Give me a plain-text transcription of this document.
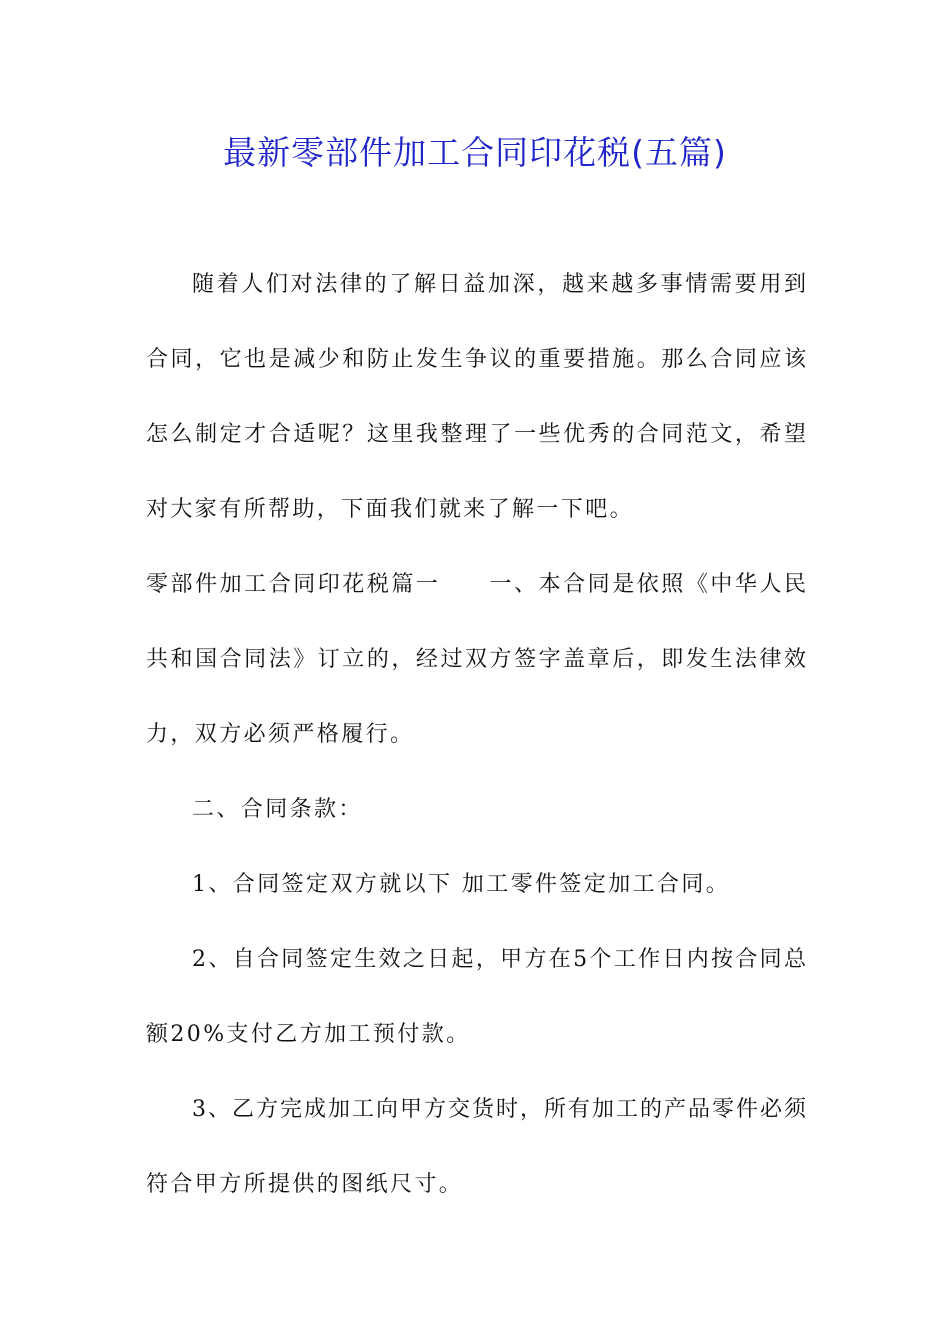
最新零部件加工合同印花税(五篇)
随着人们对法律的了解日益加深，越来越多事情需要用到
合同，它也是减少和防止发生争议的重要措施。那么合同应该
怎么制定才合适呢？这里我整理了一些优秀的合同范文，希望
对大家有所帮助，下面我们就来了解一下吧。
零部件加工合同印花税篇一　　一、本合同是依照《中华人民
共和国合同法》订立的，经过双方签字盖章后，即发生法律效
力，双方必须严格履行。
二、合同条款：
1、合同签定双方就以下 加工零件签定加工合同。
2、自合同签定生效之日起，甲方在5个工作日内按合同总
额20%支付乙方加工预付款。
3、乙方完成加工向甲方交货时，所有加工的产品零件必须
符合甲方所提供的图纸尺寸。
